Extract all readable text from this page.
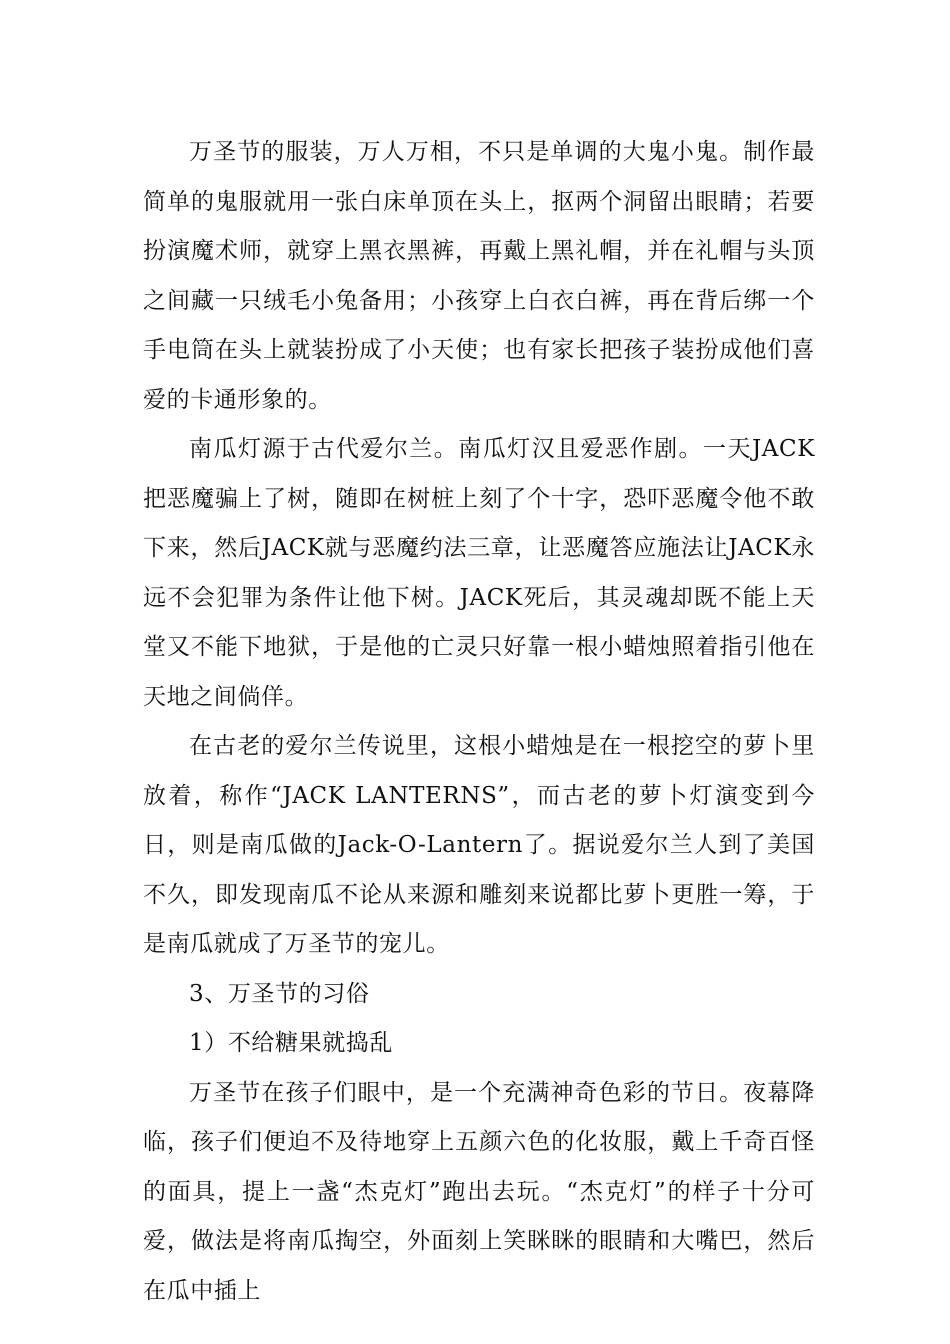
万圣节的服装，万人万相，不只是单调的大鬼小鬼。制作最简单的鬼服就用一张白床单顶在头上，抠两个洞留出眼睛；若要扮演魔术师，就穿上黑衣黑裤，再戴上黑礼帽，并在礼帽与头顶之间藏一只绒毛小兔备用；小孩穿上白衣白裤，再在背后绑一个手电筒在头上就装扮成了小天使；也有家长把孩子装扮成他们喜爱的卡通形象的。

南瓜灯源于古代爱尔兰。南瓜灯汉且爱恶作剧。一天JACK把恶魔骗上了树，随即在树桩上刻了个十字，恐吓恶魔令他不敢下来，然后JACK就与恶魔约法三章，让恶魔答应施法让JACK永远不会犯罪为条件让他下树。JACK死后，其灵魂却既不能上天堂又不能下地狱，于是他的亡灵只好靠一根小蜡烛照着指引他在天地之间倘佯。

在古老的爱尔兰传说里，这根小蜡烛是在一根挖空的萝卜里放着，称作“JACK LANTERNS”，而古老的萝卜灯演变到今日，则是南瓜做的Jack-O-Lantern了。据说爱尔兰人到了美国不久，即发现南瓜不论从来源和雕刻来说都比萝卜更胜一筹，于是南瓜就成了万圣节的宠儿。

3、万圣节的习俗

1）不给糖果就捣乱

万圣节在孩子们眼中，是一个充满神奇色彩的节日。夜幕降临，孩子们便迫不及待地穿上五颜六色的化妆服，戴上千奇百怪的面具，提上一盏“杰克灯”跑出去玩。“杰克灯”的样子十分可爱，做法是将南瓜掏空，外面刻上笑眯眯的眼睛和大嘴巴，然后在瓜中插上
